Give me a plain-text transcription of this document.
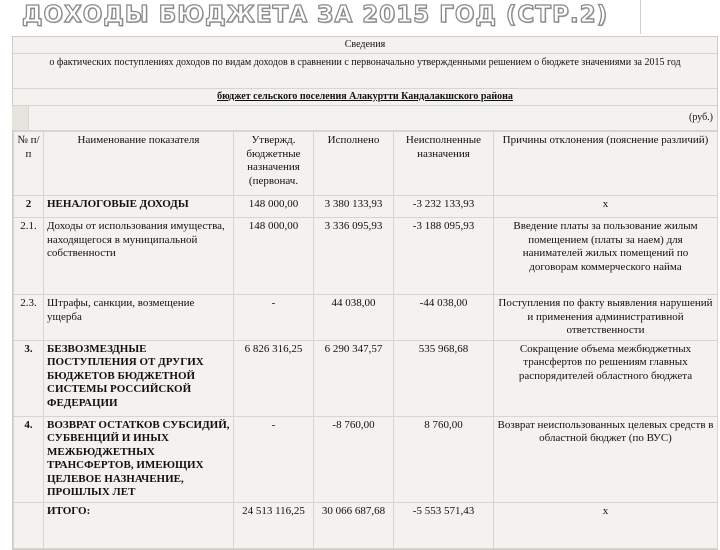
ДОХОДЫ БЮДЖЕТА ЗА 2015 ГОД (СТР.2)
Сведения
о фактических поступлениях доходов по видам доходов в сравнении с первоначально утвержденными решением о бюджете значениями за 2015 год
бюджет сельского поселения Алакуртти Кандалакшского района
(руб.)
№ п/п	Наименование показателя	Утвержд. бюджетные назначения (первонач.	Исполнено	Неисполненные назначения	Причины отклонения (пояснение различий)
2	НЕНАЛОГОВЫЕ ДОХОДЫ	148 000,00	3 380 133,93	-3 232 133,93	х
2.1.	Доходы от использования имущества, находящегося в муниципальной собственности	148 000,00	3 336 095,93	-3 188 095,93	Введение платы за пользование жилым помещением (платы за наем) для нанимателей жилых помещений по договорам коммерческого найма
2.3.	Штрафы, санкции, возмещение ущерба	-	44 038,00	-44 038,00	Поступления по факту выявления нарушений и применения административной ответственности
3.	БЕЗВОЗМЕЗДНЫЕ ПОСТУПЛЕНИЯ ОТ ДРУГИХ БЮДЖЕТОВ БЮДЖЕТНОЙ СИСТЕМЫ РОССИЙСКОЙ ФЕДЕРАЦИИ	6 826 316,25	6 290 347,57	535 968,68	Сокращение объема межбюджетных трансфертов по решениям главных распорядителей областного бюджета
4.	ВОЗВРАТ ОСТАТКОВ СУБСИДИЙ, СУБВЕНЦИЙ И ИНЫХ МЕЖБЮДЖЕТНЫХ ТРАНСФЕРТОВ, ИМЕЮЩИХ ЦЕЛЕВОЕ НАЗНАЧЕНИЕ, ПРОШЛЫХ ЛЕТ	-	-8 760,00	8 760,00	Возврат неиспользованных целевых средств в областной бюджет (по ВУС)
	ИТОГО:	24 513 116,25	30 066 687,68	-5 553 571,43	х
